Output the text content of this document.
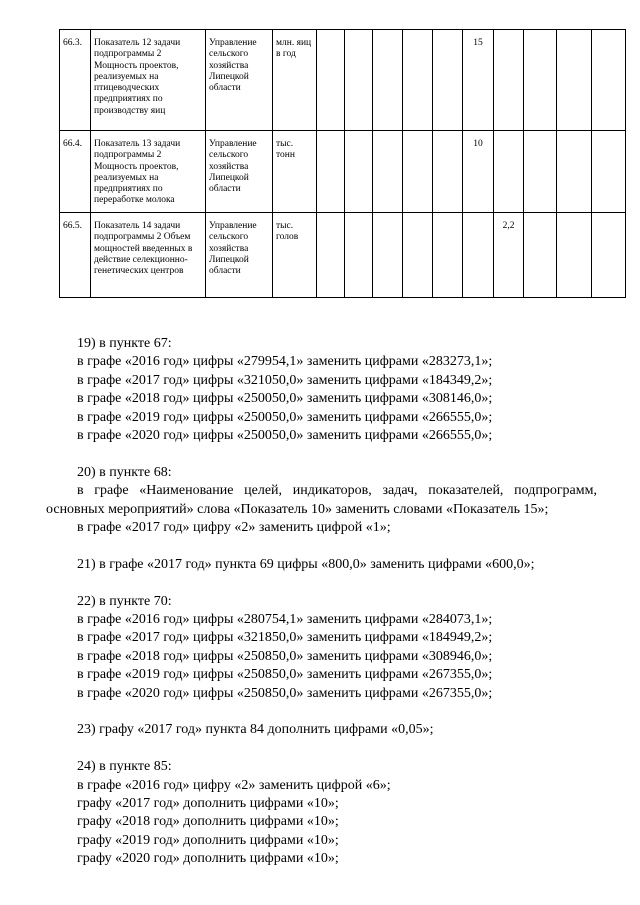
66.3.	Показатель 12 задачи подпрограммы 2 Мощность проектов, реализуемых на птицеводческих предприятиях по производству яиц	Управление сельского хозяйства Липецкой области	млн. яиц в год						15				
66.4.	Показатель 13 задачи подпрограммы 2 Мощность проектов, реализуемых на предприятиях по переработке молока	Управление сельского хозяйства Липецкой области	тыс. тонн						10				
66.5.	Показатель 14 задачи подпрограммы 2 Объем мощностей введенных в действие селекционно-генетических центров	Управление сельского хозяйства Липецкой области	тыс. голов							2,2			
19) в пункте 67:
в графе «2016 год» цифры «279954,1» заменить цифрами «283273,1»;
в графе «2017 год» цифры «321050,0» заменить цифрами «184349,2»;
в графе «2018 год» цифры «250050,0» заменить цифрами «308146,0»;
в графе «2019 год» цифры «250050,0» заменить цифрами «266555,0»;
в графе «2020 год» цифры «250050,0» заменить цифрами «266555,0»;
20) в пункте 68:
в графе «Наименование целей, индикаторов, задач, показателей, подпрограмм,
основных мероприятий» слова «Показатель 10» заменить словами «Показатель 15»;
в графе «2017 год» цифру «2» заменить цифрой «1»;
21) в графе «2017 год» пункта 69 цифры «800,0» заменить цифрами «600,0»;
22) в пункте 70:
в графе «2016 год» цифры «280754,1» заменить цифрами «284073,1»;
в графе «2017 год» цифры «321850,0» заменить цифрами «184949,2»;
в графе «2018 год» цифры «250850,0» заменить цифрами «308946,0»;
в графе «2019 год» цифры «250850,0» заменить цифрами «267355,0»;
в графе «2020 год» цифры «250850,0» заменить цифрами «267355,0»;
23) графу «2017 год» пункта 84 дополнить цифрами «0,05»;
24) в пункте 85:
в графе «2016 год» цифру «2» заменить цифрой «6»;
графу «2017 год» дополнить цифрами «10»;
графу «2018 год» дополнить цифрами «10»;
графу «2019 год» дополнить цифрами «10»;
графу «2020 год» дополнить цифрами «10»;
